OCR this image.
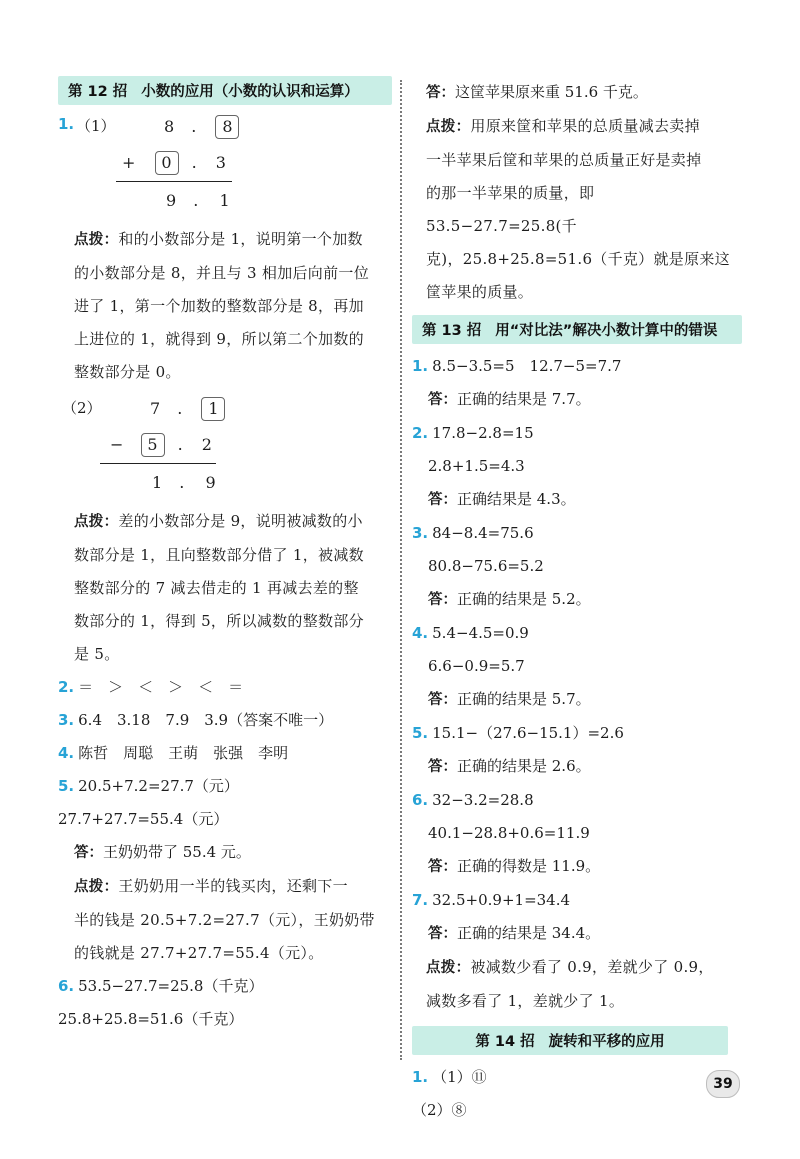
第 12 招 小数的应用（小数的认识和运算）
1. （1）	8 . 8
+ 0 . 3
9 . 1
点拨：和的小数部分是 1，说明第一个加数
的小数部分是 8，并且与 3 相加后向前一位
进了 1，第一个加数的整数部分是 8，再加
上进位的 1，就得到 9，所以第二个加数的
整数部分是 0。
（2）	7 . 1
− 5 . 2
1 . 9
点拨：差的小数部分是 9，说明被减数的小
数部分是 1，且向整数部分借了 1，被减数
整数部分的 7 减去借走的 1 再减去差的整
数部分的 1，得到 5，所以减数的整数部分
是 5。
2. ＝　＞　＜　＞　＜　＝
3. 6.4　3.18　7.9　3.9（答案不唯一）
4. 陈哲　周聪　王萌　张强　李明
5. 20.5+7.2=27.7（元）
27.7+27.7=55.4（元）
答：王奶奶带了 55.4 元。
点拨：王奶奶用一半的钱买肉，还剩下一
半的钱是 20.5+7.2=27.7（元），王奶奶带
的钱就是 27.7+27.7=55.4（元）。
6. 53.5−27.7=25.8（千克）
25.8+25.8=51.6（千克）
答：这筐苹果原来重 51.6 千克。
点拨：用原来筐和苹果的总质量减去卖掉
一半苹果后筐和苹果的总质量正好是卖掉
的那一半苹果的质量，即 53.5−27.7=25.8(千
克)，25.8+25.8=51.6（千克）就是原来这
筐苹果的质量。
第 13 招 用“对比法”解决小数计算中的错误
1. 8.5−3.5=5　12.7−5=7.7
答：正确的结果是 7.7。
2. 17.8−2.8=15
2.8+1.5=4.3
答：正确结果是 4.3。
3. 84−8.4=75.6
80.8−75.6=5.2
答：正确的结果是 5.2。
4. 5.4−4.5=0.9
6.6−0.9=5.7
答：正确的结果是 5.7。
5. 15.1−（27.6−15.1）=2.6
答：正确的结果是 2.6。
6. 32−3.2=28.8
40.1−28.8+0.6=11.9
答：正确的得数是 11.9。
7. 32.5+0.9+1=34.4
答：正确的结果是 34.4。
点拨：被减数少看了 0.9，差就少了 0.9，
减数多看了 1，差就少了 1。
第 14 招 旋转和平移的应用
1. （1）⑪
（2）⑧
39
